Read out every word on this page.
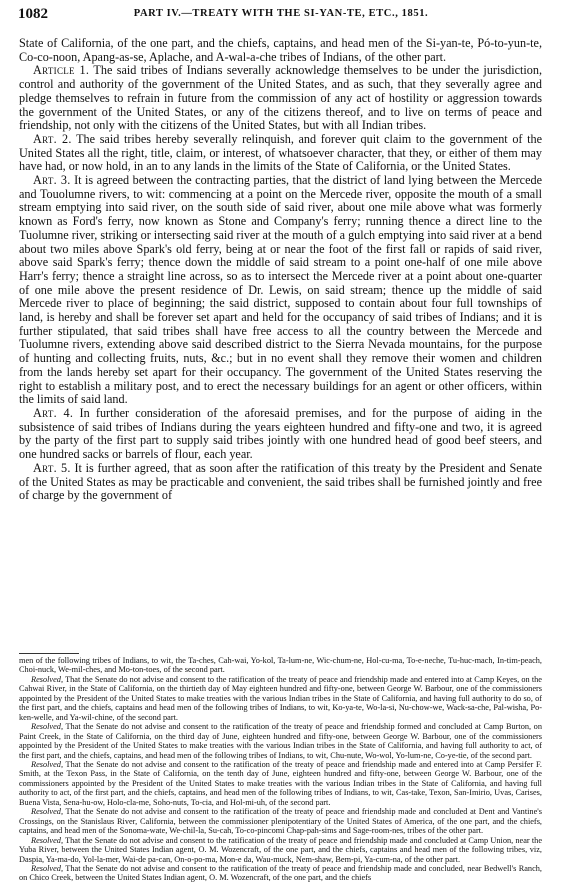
1082	PART IV.—TREATY WITH THE SI-YAN-TE, ETC., 1851.

State of California, of the one part, and the chiefs, captains, and head men of the Si-yan-te, Pó-to-yun-te, Co-co-noon, Apang-as-se, Aplache, and A-wal-a-che tribes of Indians, of the other part.

Article 1. The said tribes of Indians severally acknowledge themselves to be under the jurisdiction, control and authority of the government of the United States, and as such, that they severally agree and pledge themselves to refrain in future from the commission of any act of hostility or aggression towards the government of the United States, or any of the citizens thereof, and to live on terms of peace and friendship, not only with the citizens of the United States, but with all Indian tribes.

Art. 2. The said tribes hereby severally relinquish, and forever quit claim to the government of the United States all the right, title, claim, or interest, of whatsoever character, that they, or either of them may have had, or now hold, in an to any lands in the limits of the State of California, or the United States.

Art. 3. It is agreed between the contracting parties, that the district of land lying between the Mercede and Touolumne rivers, to wit: commencing at a point on the Mercede river, opposite the mouth of a small stream emptying into said river, on the south side of said river, about one mile above what was formerly known as Ford's ferry, now known as Stone and Company's ferry; running thence a direct line to the Tuolumne river, striking or intersecting said river at the mouth of a gulch emptying into said river at a bend about two miles above Spark's old ferry, being at or near the foot of the first fall or rapids of said river, above said Spark's ferry; thence down the middle of said stream to a point one-half of one mile above Harr's ferry; thence a straight line across, so as to intersect the Mercede river at a point about one-quarter of one mile above the present residence of Dr. Lewis, on said stream; thence up the middle of said Mercede river to place of beginning; the said district, supposed to contain about four full townships of land, is hereby and shall be forever set apart and held for the occupancy of said tribes of Indians; and it is further stipulated, that said tribes shall have free access to all the country between the Mercede and Tuolumne rivers, extending above said described district to the Sierra Nevada mountains, for the purpose of hunting and collecting fruits, nuts, &c.; but in no event shall they remove their women and children from the lands hereby set apart for their occupancy. The government of the United States reserving the right to establish a military post, and to erect the necessary buildings for an agent or other officers, within the limits of said land.

Art. 4. In further consideration of the aforesaid premises, and for the purpose of aiding in the subsistence of said tribes of Indians during the years eighteen hundred and fifty-one and two, it is agreed by the party of the first part to supply said tribes jointly with one hundred head of good beef steers, and one hundred sacks or barrels of flour, each year.

Art. 5. It is further agreed, that as soon after the ratification of this treaty by the President and Senate of the United States as may be practicable and convenient, the said tribes shall be furnished jointly and free of charge by the government of

men of the following tribes of Indians, to wit, the Ta-ches, Cah-wai, Yo-kol, Ta-lum-ne, Wic-chum-ne, Hol-cu-ma, To-e-neche, Tu-huc-mach, In-tim-peach, Choi-nuck, We-mil-ches, and Mo-ton-toes, of the second part.

Resolved, That the Senate do not advise and consent to the ratification of the treaty of peace and friendship made and entered into at Camp Keyes, on the Cahwai River, in the State of California, on the thirtieth day of May eighteen hundred and fifty-one, between George W. Barbour, one of the commissioners appointed by the President of the United States to make treaties with the various Indian tribes in the State of California, and having full authority to do so, of the first part, and the chiefs, captains and head men of the following tribes of Indians, to wit, Ko-ya-te, Wo-la-si, Nu-chow-we, Wack-sa-che, Pal-wisha, Po-ken-welle, and Ya-wil-chine, of the second part.

Resolved, That the Senate do not advise and consent to the ratification of the treaty of peace and friendship formed and concluded at Camp Burton, on Paint Creek, in the State of California, on the third day of June, eighteen hundred and fifty-one, between George W. Barbour, one of the commissioners appointed by the President of the United States to make treaties with the various Indian tribes in the State of California, and having full authority to act, of the first part, and the chiefs, captains, and head men of the following tribes of Indians, to wit, Chu-nute, Wo-wol, Yo-lum-ne, Co-ye-tie, of the second part.

Resolved, That the Senate do not advise and consent to the ratification of the treaty of peace and friendship made and entered into at Camp Persifer F. Smith, at the Texon Pass, in the State of California, on the tenth day of June, eighteen hundred and fifty-one, between George W. Barbour, one of the commissioners appointed by the President of the United States to make treaties with the various Indian tribes in the State of California, and having full authority to act, of the first part, and the chiefs, captains, and head men of the following tribes of Indians, to wit, Cas-take, Texon, San-Imirio, Uvas, Carises, Buena Vista, Sena-hu-ow, Holo-cla-me, Soho-nuts, To-cia, and Hol-mi-uh, of the second part.

Resolved, That the Senate do not advise and consent to the ratification of the treaty of peace and friendship made and concluded at Dent and Vantine's Crossings, on the Stanislaus River, California, between the commissioner plenipotentiary of the United States of America, of the one part, and the chiefs, captains, and head men of the Sonoma-wate, We-chil-la, Su-cah, To-co-pincomi Chap-pah-sims and Sage-room-nes, tribes of the other part.

Resolved, That the Senate do not advise and consent to the ratification of the treaty of peace and friendship made and concluded at Camp Union, near the Yuba River, between the United States Indian agent, O. M. Wozencraft, of the one part, and the chiefs, captains and head men of the following tribes, viz, Daspia, Ya-ma-do, Yol-la-mer, Wai-de pa-can, On-o-po-ma, Mon-e da, Wau-muck, Nem-shaw, Bem-pi, Ya-cum-na, of the other part.

Resolved, That the Senate do not advise and consent to the ratification of the treaty of peace and friendship made and concluded, near Bedwell's Ranch, on Chico Creek, between the United States Indian agent, O. M. Wozencraft, of the one part, and the chiefs
